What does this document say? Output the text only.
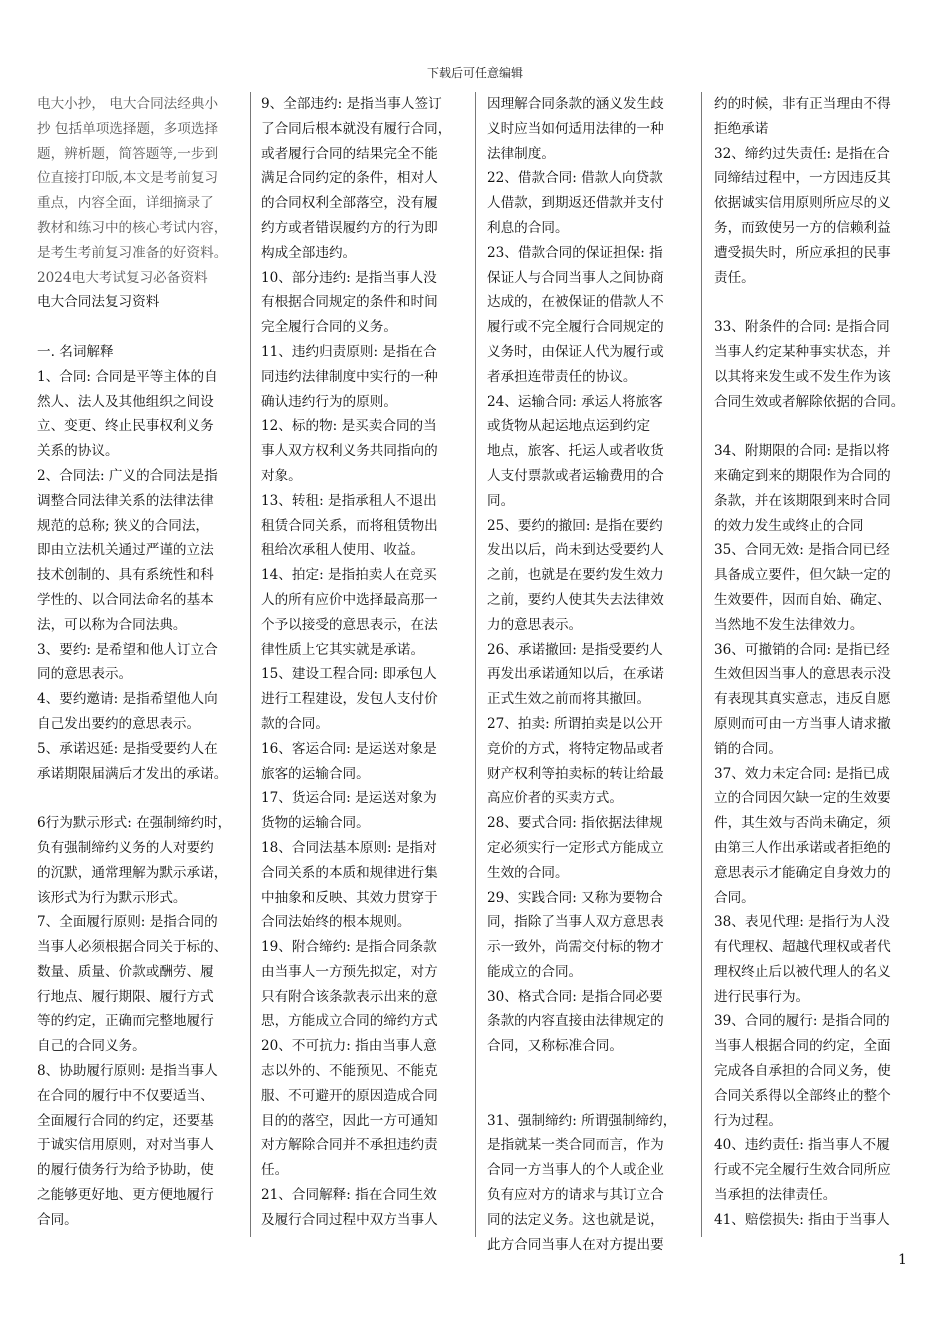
下载后可任意编辑

电大小抄， 电大合同法经典小
抄 包括单项选择题，多项选择
题，辨析题，简答题等,一步到
位直接打印版,本文是考前复习
重点，内容全面，详细摘录了
教材和练习中的核心考试内容，
是考生考前复习准备的好资料。

2024电大考试复习必备资料

电大合同法复习资料

一. 名词解释

1、合同: 合同是平等主体的自
然人、法人及其他组织之间设
立、变更、终止民事权利义务
关系的协议。

2、合同法: 广义的合同法是指
调整合同法律关系的法律法律
规范的总称; 狭义的合同法，
即由立法机关通过严谨的立法
技术创制的、具有系统性和科
学性的、以合同法命名的基本
法，可以称为合同法典。

3、要约: 是希望和他人订立合
同的意思表示。

4、要约邀请: 是指希望他人向
自己发出要约的意思表示。

5、承诺迟延: 是指受要约人在
承诺期限届满后才发出的承诺。

6行为默示形式: 在强制缔约时，
负有强制缔约义务的人对要约
的沉默，通常理解为默示承诺，
该形式为行为默示形式。

7、全面履行原则: 是指合同的
当事人必须根据合同关于标的、
数量、质量、价款或酬劳、履
行地点、履行期限、履行方式
等的约定，正确而完整地履行
自己的合同义务。

8、协助履行原则: 是指当事人
在合同的履行中不仅要适当、
全面履行合同的约定，还要基
于诚实信用原则，对对当事人
的履行债务行为给予协助，使
之能够更好地、更方便地履行
合同。

9、全部违约: 是指当事人签订
了合同后根本就没有履行合同，
或者履行合同的结果完全不能
满足合同约定的条件，相对人
的合同权利全部落空，没有履
约方或者错误履约方的行为即
构成全部违约。

10、部分违约: 是指当事人没
有根据合同规定的条件和时间
完全履行合同的义务。

11、违约归责原则: 是指在合
同违约法律制度中实行的一种
确认违约行为的原则。

12、标的物: 是买卖合同的当
事人双方权利义务共同指向的
对象。

13、转租: 是指承租人不退出
租赁合同关系，而将租赁物出
租给次承租人使用、收益。

14、拍定: 是指拍卖人在竞买
人的所有应价中选择最高那一
个予以接受的意思表示，在法
律性质上它其实就是承诺。

15、建设工程合同: 即承包人
进行工程建设，发包人支付价
款的合同。

16、客运合同: 是运送对象是
旅客的运输合同。

17、货运合同: 是运送对象为
货物的运输合同。

18、合同法基本原则: 是指对
合同关系的本质和规律进行集
中抽象和反映、其效力贯穿于
合同法始终的根本规则。

19、附合缔约: 是指合同条款
由当事人一方预先拟定，对方
只有附合该条款表示出来的意
思，方能成立合同的缔约方式

20、不可抗力: 指由当事人意
志以外的、不能预见、不能克
服、不可避开的原因造成合同
目的的落空，因此一方可通知
对方解除合同并不承担违约责
任。

21、合同解释: 指在合同生效
及履行合同过程中双方当事人

因理解合同条款的涵义发生歧
义时应当如何适用法律的一种
法律制度。

22、借款合同: 借款人向贷款
人借款，到期返还借款并支付
利息的合同。

23、借款合同的保证担保: 指
保证人与合同当事人之间协商
达成的，在被保证的借款人不
履行或不完全履行合同规定的
义务时，由保证人代为履行或
者承担连带责任的协议。

24、运输合同: 承运人将旅客
或货物从起运地点运到约定
地点，旅客、托运人或者收货
人支付票款或者运输费用的合
同。

25、要约的撤回: 是指在要约
发出以后，尚未到达受要约人
之前，也就是在要约发生效力
之前，要约人使其失去法律效
力的意思表示。

26、承诺撤回: 是指受要约人
再发出承诺通知以后，在承诺
正式生效之前而将其撤回。

27、拍卖: 所谓拍卖是以公开
竞价的方式，将特定物品或者
财产权利等拍卖标的转让给最
高应价者的买卖方式。

28、要式合同: 指依据法律规
定必须实行一定形式方能成立
生效的合同。

29、实践合同: 又称为要物合
同，指除了当事人双方意思表
示一致外，尚需交付标的物才
能成立的合同。

30、格式合同: 是指合同必要
条款的内容直接由法律规定的
合同，又称标准合同。

31、强制缔约: 所谓强制缔约，
是指就某一类合同而言，作为
合同一方当事人的个人或企业
负有应对方的请求与其订立合
同的法定义务。这也就是说，
此方合同当事人在对方提出要

约的时候，非有正当理由不得
拒绝承诺

32、缔约过失责任: 是指在合
同缔结过程中，一方因违反其
依据诚实信用原则所应尽的义
务，而致使另一方的信赖利益
遭受损失时，所应承担的民事
责任。

33、附条件的合同: 是指合同
当事人约定某种事实状态，并
以其将来发生或不发生作为该
合同生效或者解除依据的合同。

34、附期限的合同: 是指以将
来确定到来的期限作为合同的
条款，并在该期限到来时合同
的效力发生或终止的合同

35、合同无效: 是指合同已经
具备成立要件，但欠缺一定的
生效要件，因而自始、确定、
当然地不发生法律效力。

36、可撤销的合同: 是指已经
生效但因当事人的意思表示没
有表现其真实意志，违反自愿
原则而可由一方当事人请求撤
销的合同。

37、效力未定合同: 是指已成
立的合同因欠缺一定的生效要
件，其生效与否尚未确定，须
由第三人作出承诺或者拒绝的
意思表示才能确定自身效力的
合同。

38、表见代理: 是指行为人没
有代理权、超越代理权或者代
理权终止后以被代理人的名义
进行民事行为。

39、合同的履行: 是指合同的
当事人根据合同的约定，全面
完成各自承担的合同义务，使
合同关系得以全部终止的整个
行为过程。

40、违约责任: 指当事人不履
行或不完全履行生效合同所应
当承担的法律责任。

41、赔偿损失: 指由于当事人

1
